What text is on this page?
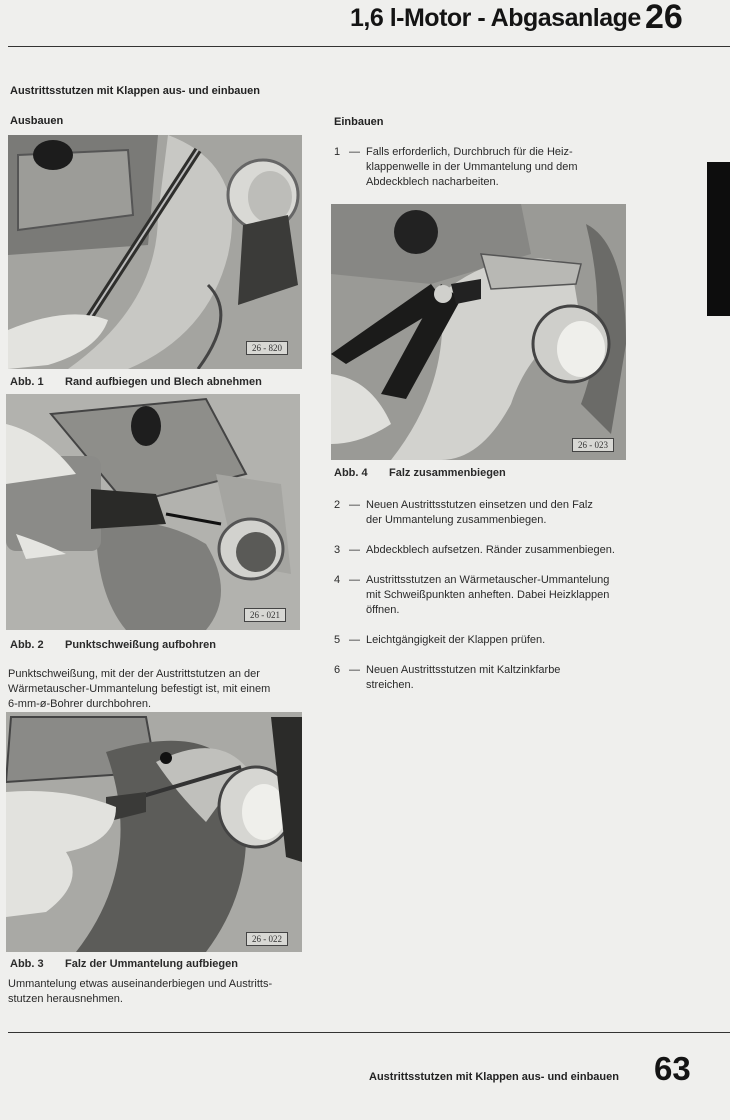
1,6 l-Motor - Abgasanlage 26
Austrittsstutzen mit Klappen aus- und einbauen
Ausbauen
26 - 820
Abb. 1 Rand aufbiegen und Blech abnehmen
26 - 021
Abb. 2 Punktschweißung aufbohren
Punktschweißung, mit der der Austrittstutzen an der
Wärmetauscher-Ummantelung befestigt ist, mit einem
6-mm-ø-Bohrer durchbohren.
26 - 022
Abb. 3 Falz der Ummantelung aufbiegen
Ummantelung etwas auseinanderbiegen und Austritts-
stutzen herausnehmen.
Einbauen
1 — Falls erforderlich, Durchbruch für die Heiz-
klappenwelle in der Ummantelung und dem
Abdeckblech nacharbeiten.
26 - 023
Abb. 4 Falz zusammenbiegen
2 — Neuen Austrittsstutzen einsetzen und den Falz
der Ummantelung zusammenbiegen.
3 — Abdeckblech aufsetzen. Ränder zusammenbiegen.
4 — Austrittsstutzen an Wärmetauscher-Ummantelung
mit Schweißpunkten anheften. Dabei Heizklappen
öffnen.
5 — Leichtgängigkeit der Klappen prüfen.
6 — Neuen Austrittsstutzen mit Kaltzinkfarbe
streichen.
Austrittsstutzen mit Klappen aus- und einbauen 63
